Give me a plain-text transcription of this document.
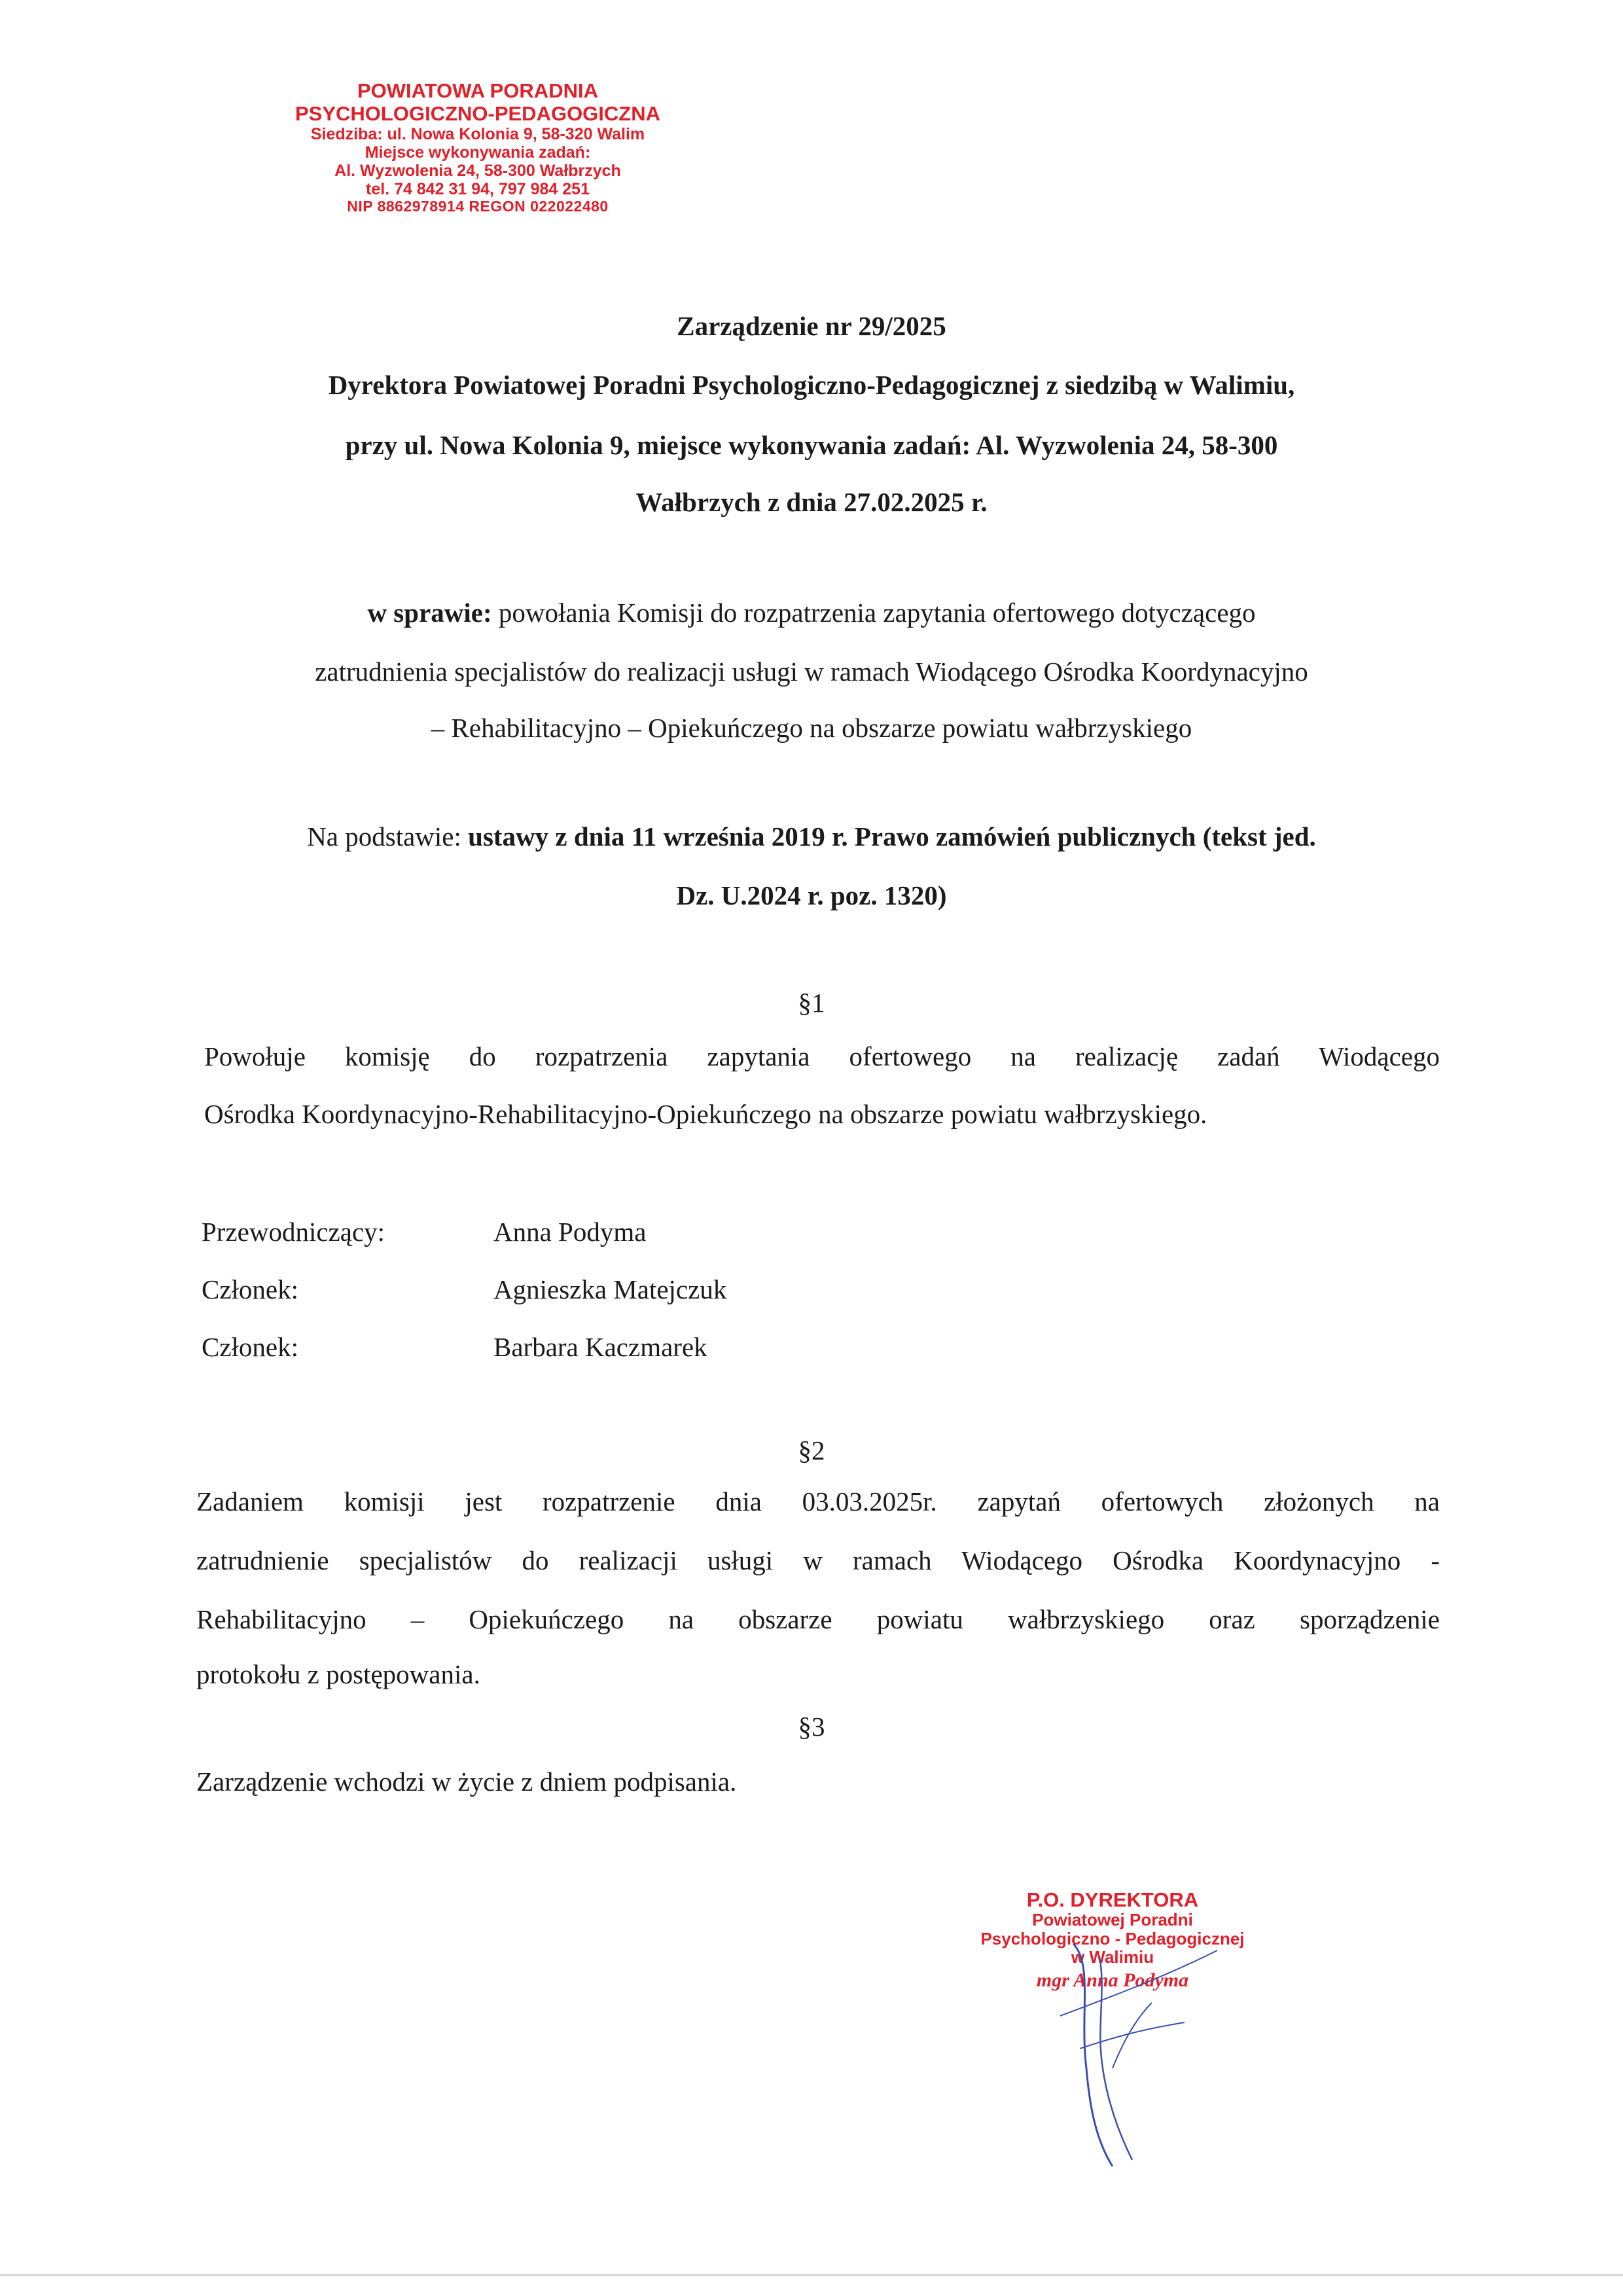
POWIATOWA PORADNIA
PSYCHOLOGICZNO-PEDAGOGICZNA
Siedziba: ul. Nowa Kolonia 9, 58-320 Walim
Miejsce wykonywania zadań:
Al. Wyzwolenia 24, 58-300 Wałbrzych
tel. 74 842 31 94, 797 984 251
NIP 8862978914 REGON 022022480

Zarządzenie nr 29/2025

Dyrektora Powiatowej Poradni Psychologiczno-Pedagogicznej z siedzibą w Walimiu,

przy ul. Nowa Kolonia 9, miejsce wykonywania zadań: Al. Wyzwolenia 24, 58-300

Wałbrzych z dnia 27.02.2025 r.

w sprawie: powołania Komisji do rozpatrzenia zapytania ofertowego dotyczącego

zatrudnienia specjalistów do realizacji usługi w ramach Wiodącego Ośrodka Koordynacyjno

– Rehabilitacyjno – Opiekuńczego na obszarze powiatu wałbrzyskiego

Na podstawie: ustawy z dnia 11 września 2019 r. Prawo zamówień publicznych (tekst jed.

Dz. U.2024 r. poz. 1320)

§1

Powołuje komisję do rozpatrzenia zapytania ofertowego na realizację zadań Wiodącego

Ośrodka Koordynacyjno-Rehabilitacyjno-Opiekuńczego na obszarze powiatu wałbrzyskiego.

Przewodniczący:	Anna Podyma
Członek:	Agnieszka Matejczuk
Członek:	Barbara Kaczmarek

§2

Zadaniem komisji jest rozpatrzenie dnia 03.03.2025r. zapytań ofertowych złożonych na

zatrudnienie specjalistów do realizacji usługi w ramach Wiodącego Ośrodka Koordynacyjno -

Rehabilitacyjno – Opiekuńczego na obszarze powiatu wałbrzyskiego oraz sporządzenie

protokołu z postępowania.

§3

Zarządzenie wchodzi w życie z dniem podpisania.

P.O. DYREKTORA
Powiatowej Poradni
Psychologiczno - Pedagogicznej
w Walimiu
mgr Anna Podyma
